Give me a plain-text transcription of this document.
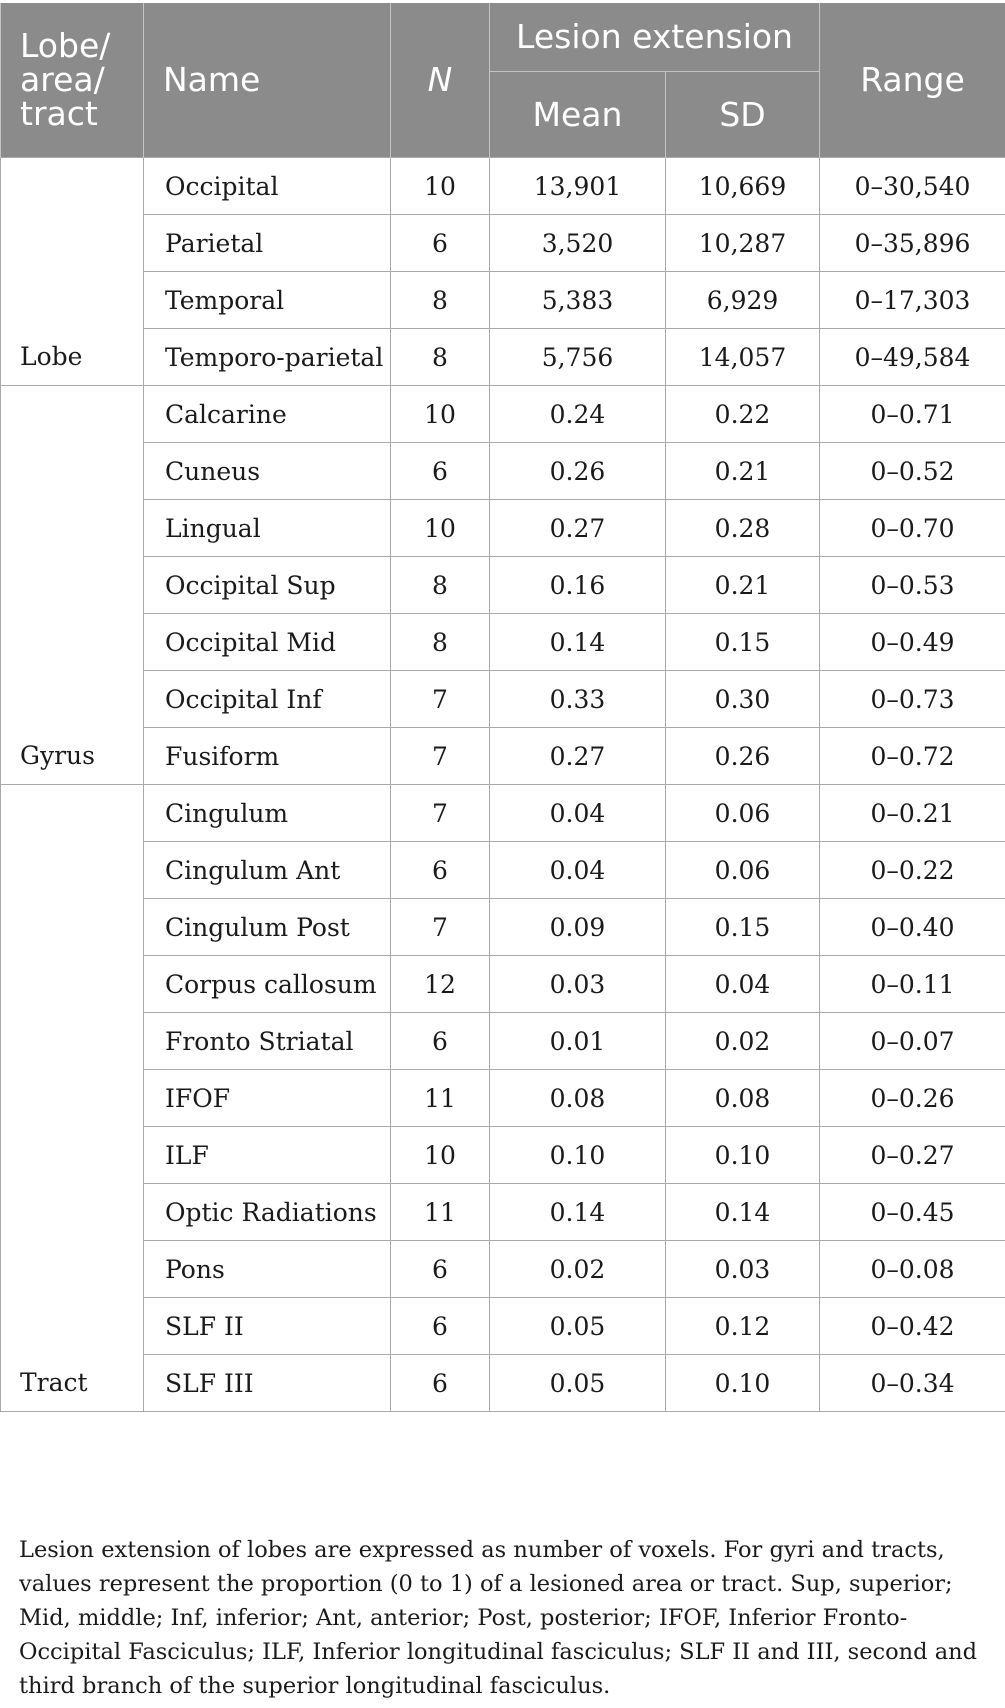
Lobe/ area/ tract	Name	N	Lesion extension		Range
			Mean	SD	
Lobe	Occipital	10	13,901	10,669	0–30,540
	Parietal	6	3,520	10,287	0–35,896
	Temporal	8	5,383	6,929	0–17,303
	Temporo-parietal	8	5,756	14,057	0–49,584
Gyrus	Calcarine	10	0.24	0.22	0–0.71
	Cuneus	6	0.26	0.21	0–0.52
	Lingual	10	0.27	0.28	0–0.70
	Occipital Sup	8	0.16	0.21	0–0.53
	Occipital Mid	8	0.14	0.15	0–0.49
	Occipital Inf	7	0.33	0.30	0–0.73
	Fusiform	7	0.27	0.26	0–0.72
Tract	Cingulum	7	0.04	0.06	0–0.21
	Cingulum Ant	6	0.04	0.06	0–0.22
	Cingulum Post	7	0.09	0.15	0–0.40
	Corpus callosum	12	0.03	0.04	0–0.11
	Fronto Striatal	6	0.01	0.02	0–0.07
	IFOF	11	0.08	0.08	0–0.26
	ILF	10	0.10	0.10	0–0.27
	Optic Radiations	11	0.14	0.14	0–0.45
	Pons	6	0.02	0.03	0–0.08
	SLF II	6	0.05	0.12	0–0.42
	SLF III	6	0.05	0.10	0–0.34

Lesion extension of lobes are expressed as number of voxels. For gyri and tracts, values represent the proportion (0 to 1) of a lesioned area or tract. Sup, superior; Mid, middle; Inf, inferior; Ant, anterior; Post, posterior; IFOF, Inferior Fronto-Occipital Fasciculus; ILF, Inferior longitudinal fasciculus; SLF II and III, second and third branch of the superior longitudinal fasciculus.
